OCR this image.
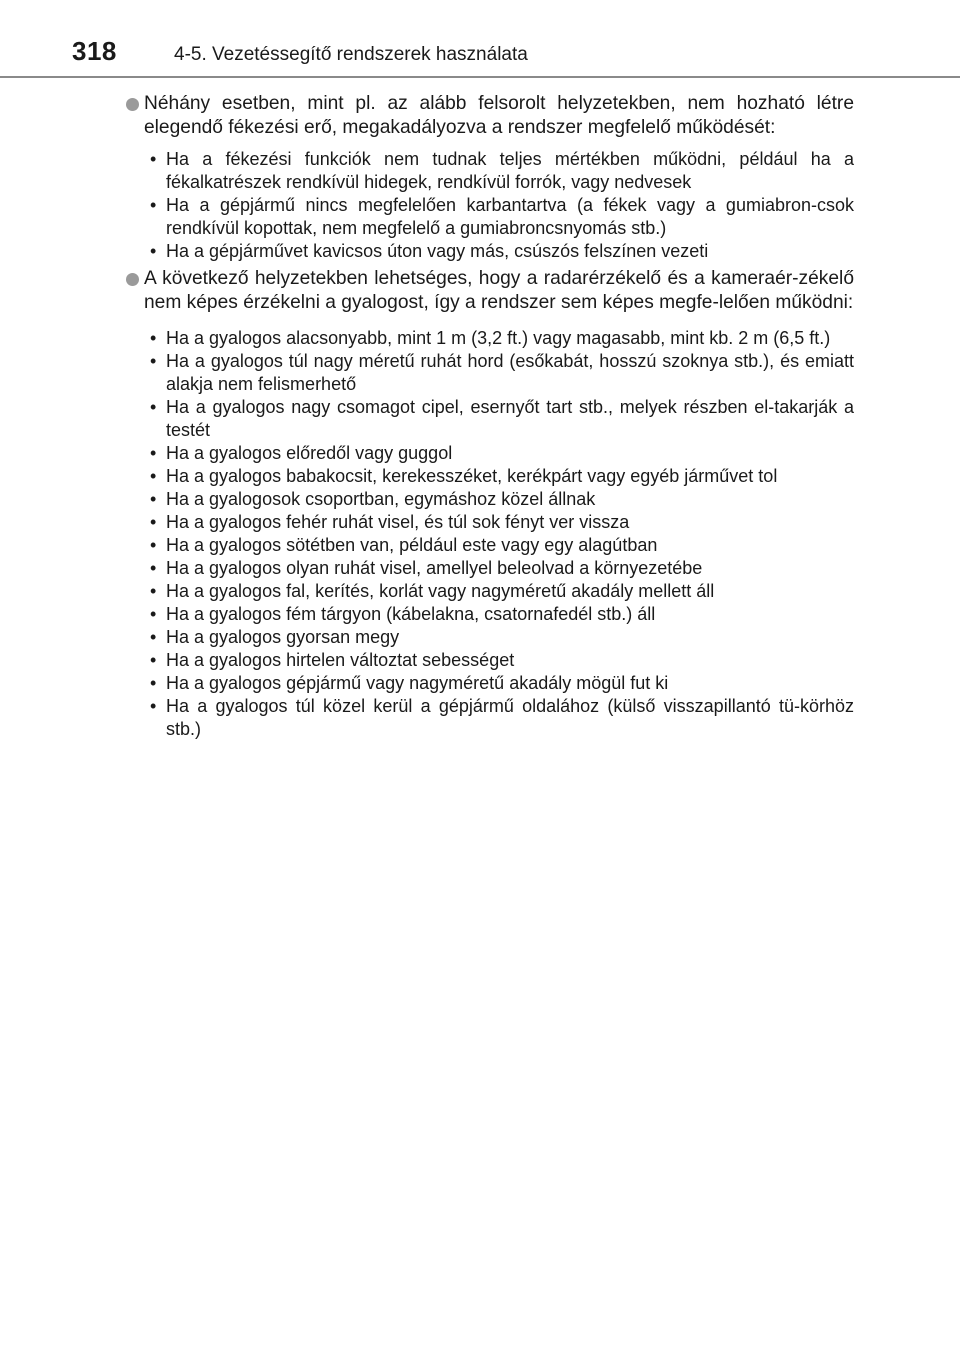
318	4-5. Vezetéssegítő rendszerek használata
Néhány esetben, mint pl. az alább felsorolt helyzetekben, nem hozható létre elegendő fékezési erő, megakadályozva a rendszer megfelelő működését:
• Ha a fékezési funkciók nem tudnak teljes mértékben működni, például ha a fékalkatrészek rendkívül hidegek, rendkívül forrók, vagy nedvesek
• Ha a gépjármű nincs megfelelően karbantartva (a fékek vagy a gumiabron-csok rendkívül kopottak, nem megfelelő a gumiabroncsnyomás stb.)
• Ha a gépjárművet kavicsos úton vagy más, csúszós felszínen vezeti
A következő helyzetekben lehetséges, hogy a radarérzékelő és a kameraér-zékelő nem képes érzékelni a gyalogost, így a rendszer sem képes megfe-lelően működni:
• Ha a gyalogos alacsonyabb, mint 1 m (3,2 ft.) vagy magasabb, mint kb. 2 m (6,5 ft.)
• Ha a gyalogos túl nagy méretű ruhát hord (esőkabát, hosszú szoknya stb.), és emiatt alakja nem felismerhető
• Ha a gyalogos nagy csomagot cipel, esernyőt tart stb., melyek részben el-takarják a testét
• Ha a gyalogos előredől vagy guggol
• Ha a gyalogos babakocsit, kerekesszéket, kerékpárt vagy egyéb járművet tol
• Ha a gyalogosok csoportban, egymáshoz közel állnak
• Ha a gyalogos fehér ruhát visel, és túl sok fényt ver vissza
• Ha a gyalogos sötétben van, például este vagy egy alagútban
• Ha a gyalogos olyan ruhát visel, amellyel beleolvad a környezetébe
• Ha a gyalogos fal, kerítés, korlát vagy nagyméretű akadály mellett áll
• Ha a gyalogos fém tárgyon (kábelakna, csatornafedél stb.) áll
• Ha a gyalogos gyorsan megy
• Ha a gyalogos hirtelen változtat sebességet
• Ha a gyalogos gépjármű vagy nagyméretű akadály mögül fut ki
• Ha a gyalogos túl közel kerül a gépjármű oldalához (külső visszapillantó tü-körhöz stb.)
